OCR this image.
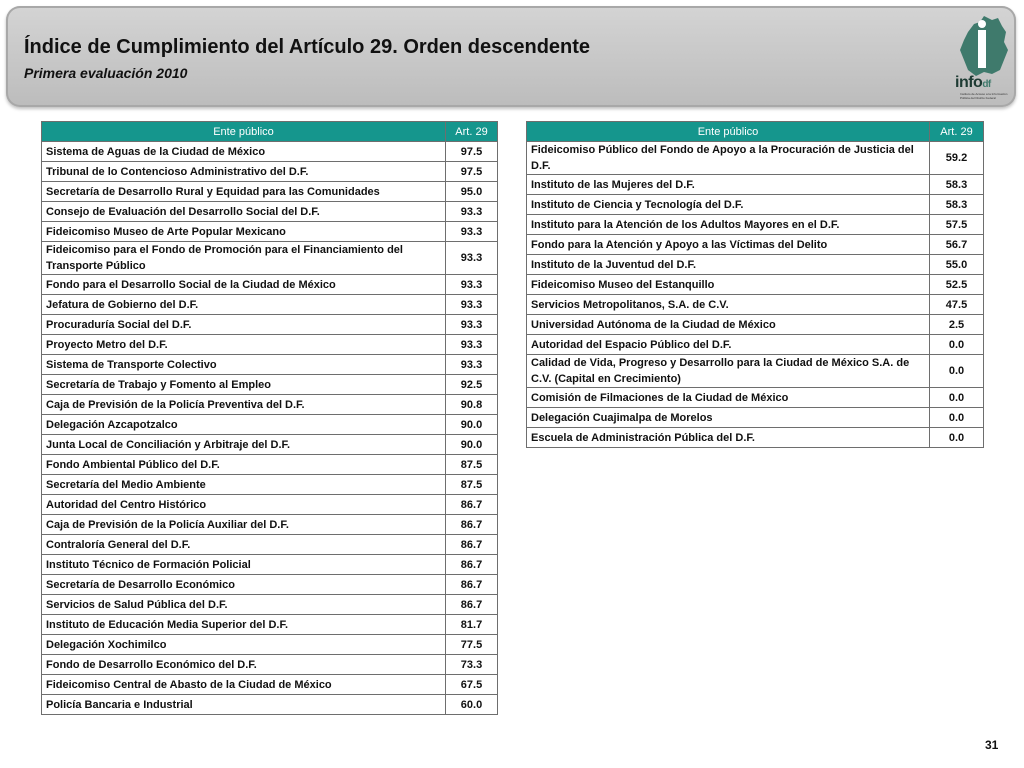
Índice de Cumplimiento del Artículo 29. Orden descendente
Primera evaluación 2010
infodf
Instituto de Acceso a la Información Pública del Distrito Federal
Ente público	Art. 29
Sistema de Aguas de la Ciudad de México	97.5
Tribunal de lo Contencioso Administrativo del D.F.	97.5
Secretaría de Desarrollo Rural y Equidad para las Comunidades	95.0
Consejo de Evaluación del Desarrollo Social del D.F.	93.3
Fideicomiso Museo de Arte Popular Mexicano	93.3
Fideicomiso para el Fondo de Promoción para el Financiamiento del Transporte Público	93.3
Fondo para el Desarrollo Social de la Ciudad de México	93.3
Jefatura de Gobierno del D.F.	93.3
Procuraduría Social del D.F.	93.3
Proyecto Metro del D.F.	93.3
Sistema de Transporte Colectivo	93.3
Secretaría de Trabajo y Fomento al Empleo	92.5
Caja de Previsión de la Policía Preventiva del D.F.	90.8
Delegación Azcapotzalco	90.0
Junta Local de Conciliación y Arbitraje del D.F.	90.0
Fondo Ambiental Público del D.F.	87.5
Secretaría del Medio Ambiente	87.5
Autoridad del Centro Histórico	86.7
Caja de Previsión de la Policía Auxiliar del D.F.	86.7
Contraloría General del D.F.	86.7
Instituto Técnico de Formación Policial	86.7
Secretaría de Desarrollo Económico	86.7
Servicios de Salud Pública del D.F.	86.7
Instituto de Educación Media Superior del D.F.	81.7
Delegación Xochimilco	77.5
Fondo de Desarrollo Económico del D.F.	73.3
Fideicomiso Central de Abasto de la Ciudad de México	67.5
Policía Bancaria e Industrial	60.0
Ente público	Art. 29
Fideicomiso Público del Fondo de Apoyo a la Procuración de Justicia del D.F.	59.2
Instituto de las Mujeres del D.F.	58.3
Instituto de Ciencia y Tecnología del D.F.	58.3
Instituto para la Atención de los Adultos Mayores en el D.F.	57.5
Fondo para la Atención y Apoyo a las Víctimas del Delito	56.7
Instituto de la Juventud del D.F.	55.0
Fideicomiso Museo del Estanquillo	52.5
Servicios Metropolitanos, S.A. de C.V.	47.5
Universidad Autónoma de la Ciudad de México	2.5
Autoridad del Espacio Público del D.F.	0.0
Calidad de Vida, Progreso y Desarrollo para la Ciudad de México S.A. de C.V. (Capital en Crecimiento)	0.0
Comisión de Filmaciones de la Ciudad de México	0.0
Delegación Cuajimalpa de Morelos	0.0
Escuela de Administración Pública del D.F.	0.0
31
